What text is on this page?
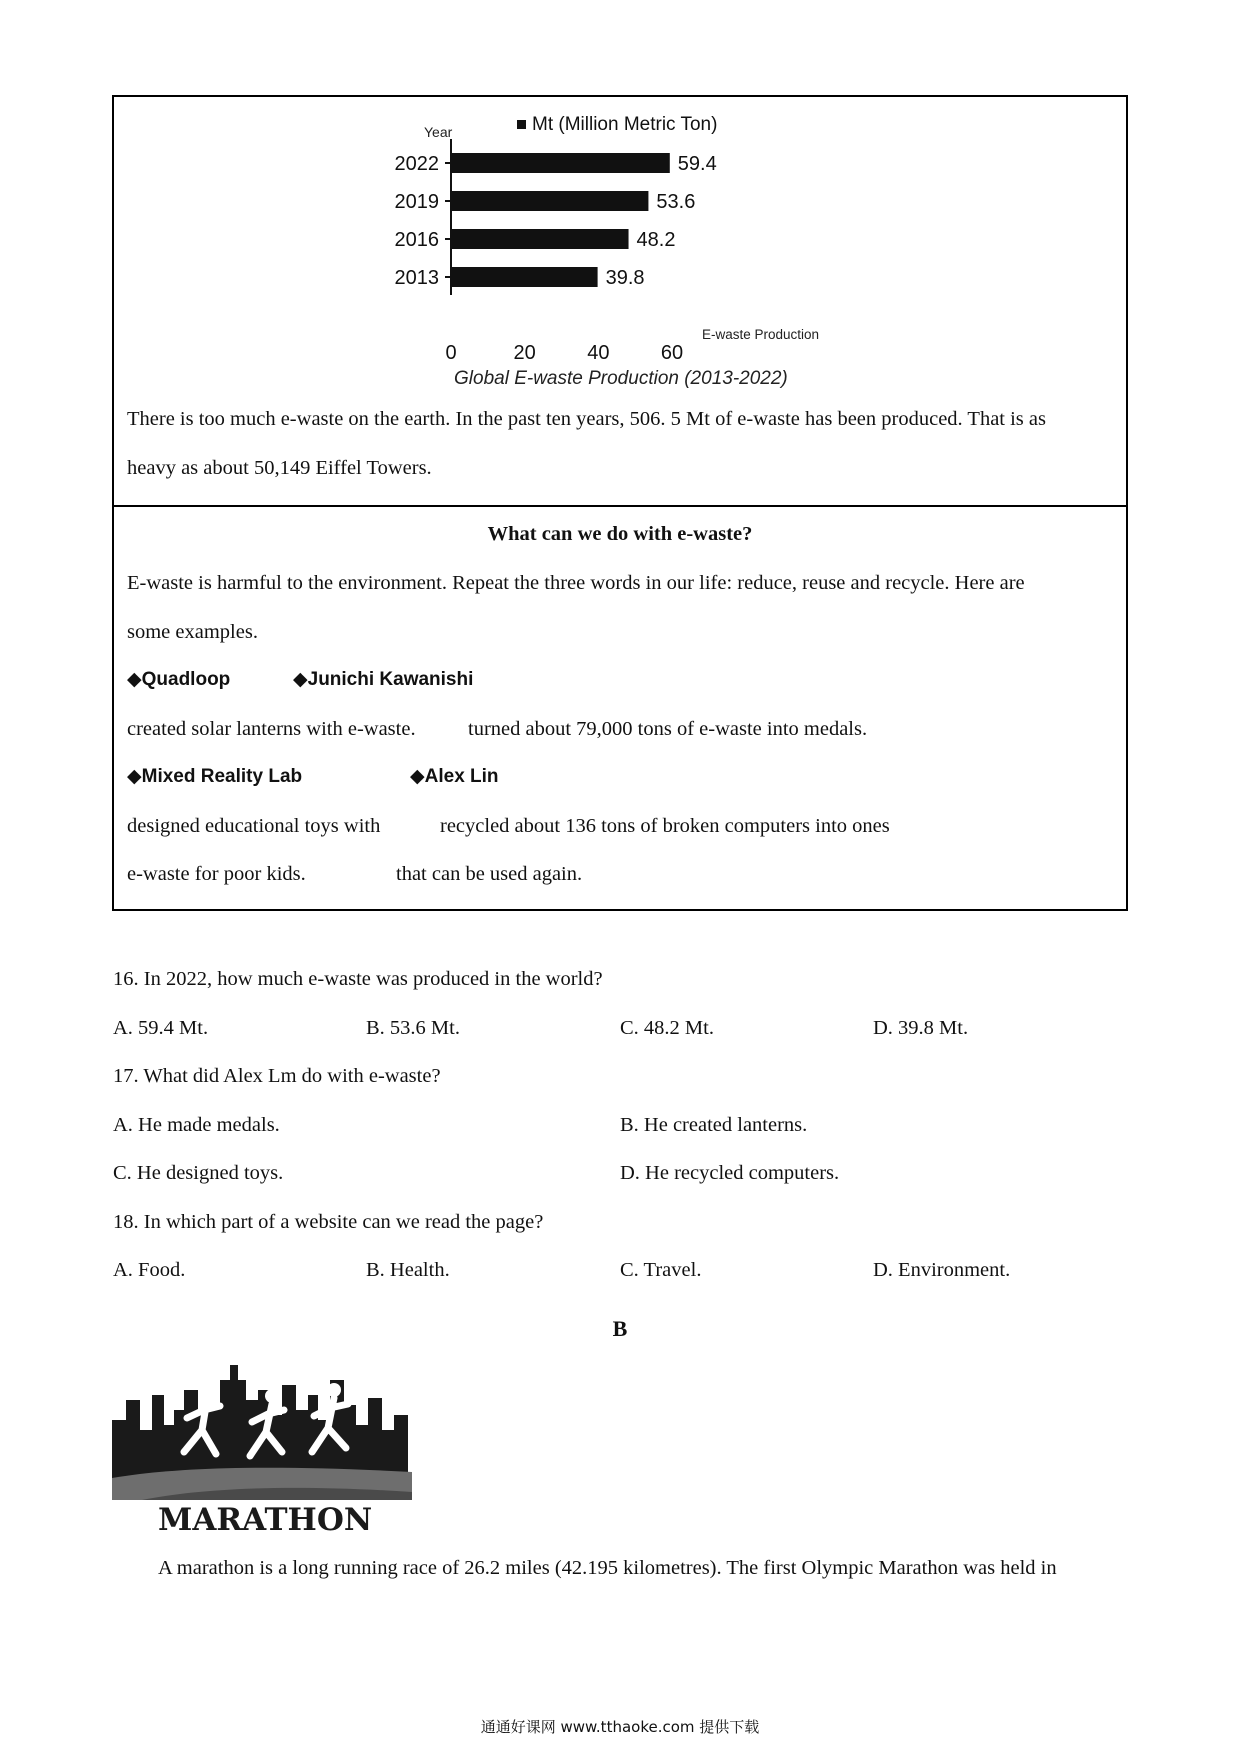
Mt (Million Metric Ton)
Year
E-waste Production
Global E-waste Production (2013-2022)
2022	59.4
2019	53.6
2016	48.2
2013	39.8
0	20	40	60
There is too much e-waste on the earth. In the past ten years, 506. 5 Mt of e-waste has been produced. That is as
heavy as about 50,149 Eiffel Towers.
What can we do with e-waste?
E-waste is harmful to the environment. Repeat the three words in our life: reduce, reuse and recycle. Here are
some examples.
◆Quadloop	◆Junichi Kawanishi
created solar lanterns with e-waste.	turned about 79,000 tons of e-waste into medals.
◆Mixed Reality Lab	◆Alex Lin
designed educational toys with	recycled about 136 tons of broken computers into ones
e-waste for poor kids.	that can be used again.
16. In 2022, how much e-waste was produced in the world?
A. 59.4 Mt.	B. 53.6 Mt.	C. 48.2 Mt.	D. 39.8 Mt.
17. What did Alex Lm do with e-waste?
A. He made medals.	B. He created lanterns.
C. He designed toys.	D. He recycled computers.
18. In which part of a website can we read the page?
A. Food.	B. Health.	C. Travel.	D. Environment.
B
MARATHON
A marathon is a long running race of 26.2 miles (42.195 kilometres). The first Olympic Marathon was held in
通通好课网 www.tthaoke.com 提供下载
